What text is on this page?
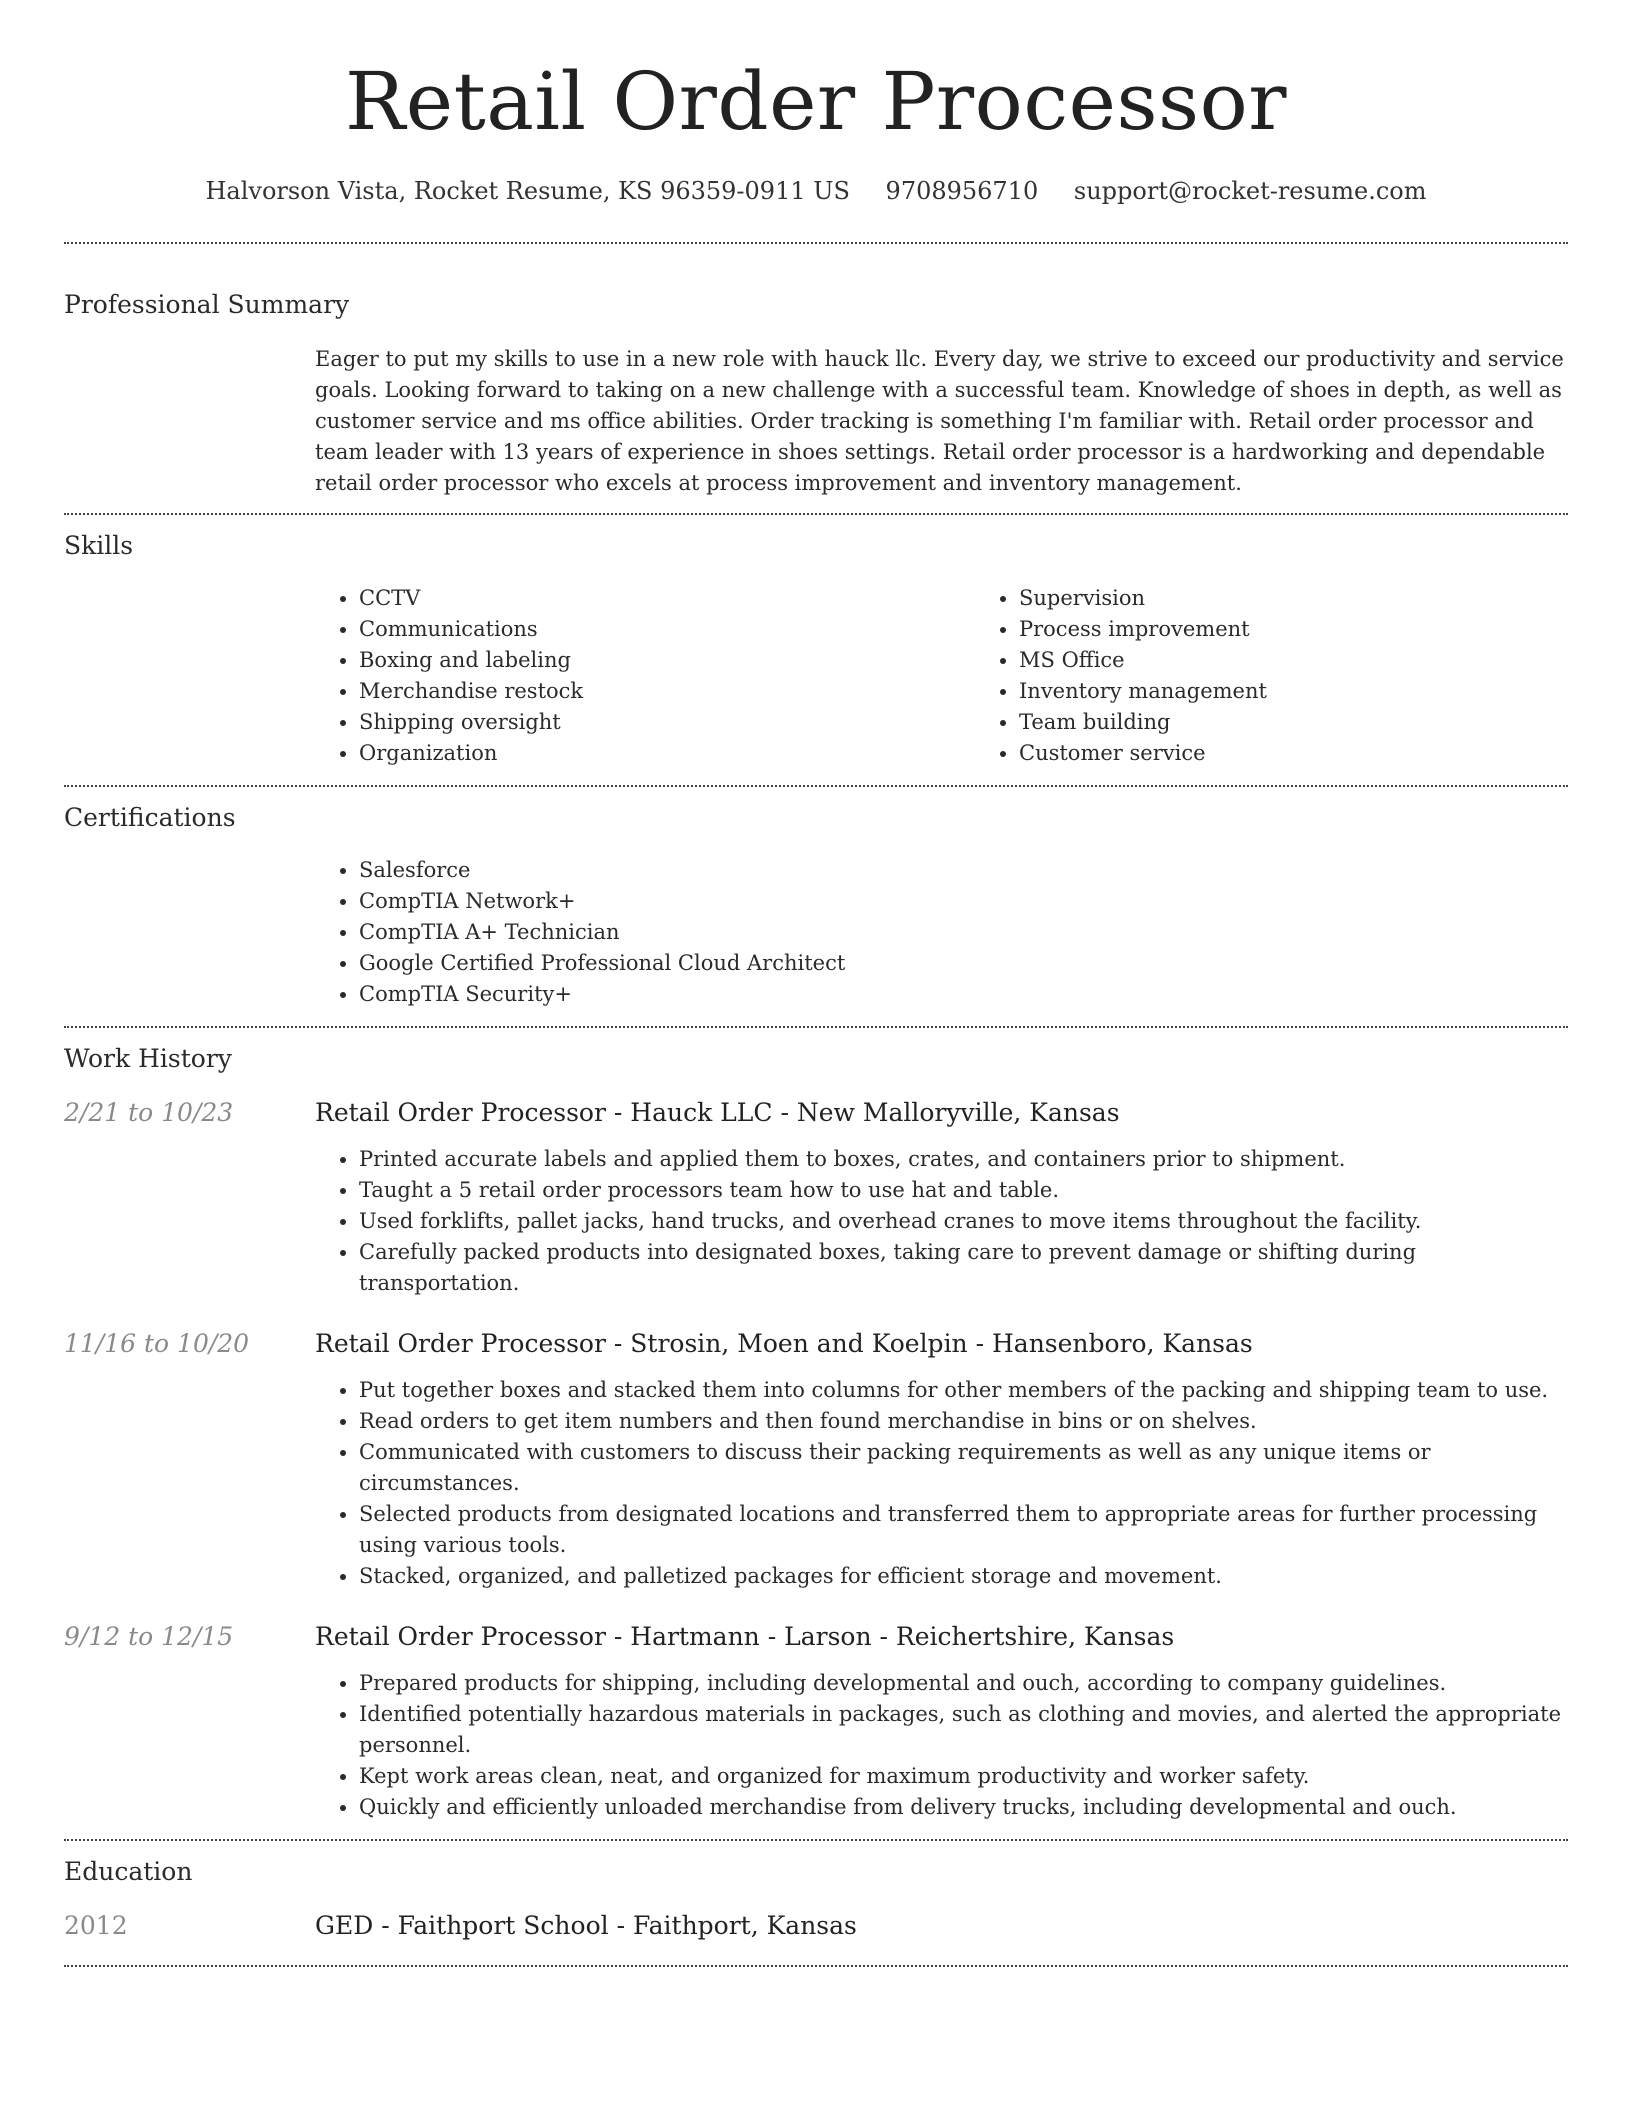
Retail Order Processor
Halvorson Vista, Rocket Resume, KS 96359-0911 US 9708956710 support@rocket-resume.com
Professional Summary
Eager to put my skills to use in a new role with hauck llc. Every day, we strive to exceed our productivity and service goals. Looking forward to taking on a new challenge with a successful team. Knowledge of shoes in depth, as well as customer service and ms office abilities. Order tracking is something I'm familiar with. Retail order processor and team leader with 13 years of experience in shoes settings. Retail order processor is a hardworking and dependable retail order processor who excels at process improvement and inventory management.
Skills
• CCTV
• Communications
• Boxing and labeling
• Merchandise restock
• Shipping oversight
• Organization
• Supervision
• Process improvement
• MS Office
• Inventory management
• Team building
• Customer service
Certifications
• Salesforce
• CompTIA Network+
• CompTIA A+ Technician
• Google Certified Professional Cloud Architect
• CompTIA Security+
Work History
2/21 to 10/23	Retail Order Processor - Hauck LLC - New Malloryville, Kansas
• Printed accurate labels and applied them to boxes, crates, and containers prior to shipment.
• Taught a 5 retail order processors team how to use hat and table.
• Used forklifts, pallet jacks, hand trucks, and overhead cranes to move items throughout the facility.
• Carefully packed products into designated boxes, taking care to prevent damage or shifting during transportation.
11/16 to 10/20	Retail Order Processor - Strosin, Moen and Koelpin - Hansenboro, Kansas
• Put together boxes and stacked them into columns for other members of the packing and shipping team to use.
• Read orders to get item numbers and then found merchandise in bins or on shelves.
• Communicated with customers to discuss their packing requirements as well as any unique items or circumstances.
• Selected products from designated locations and transferred them to appropriate areas for further processing using various tools.
• Stacked, organized, and palletized packages for efficient storage and movement.
9/12 to 12/15	Retail Order Processor - Hartmann - Larson - Reichertshire, Kansas
• Prepared products for shipping, including developmental and ouch, according to company guidelines.
• Identified potentially hazardous materials in packages, such as clothing and movies, and alerted the appropriate personnel.
• Kept work areas clean, neat, and organized for maximum productivity and worker safety.
• Quickly and efficiently unloaded merchandise from delivery trucks, including developmental and ouch.
Education
2012	GED - Faithport School - Faithport, Kansas
